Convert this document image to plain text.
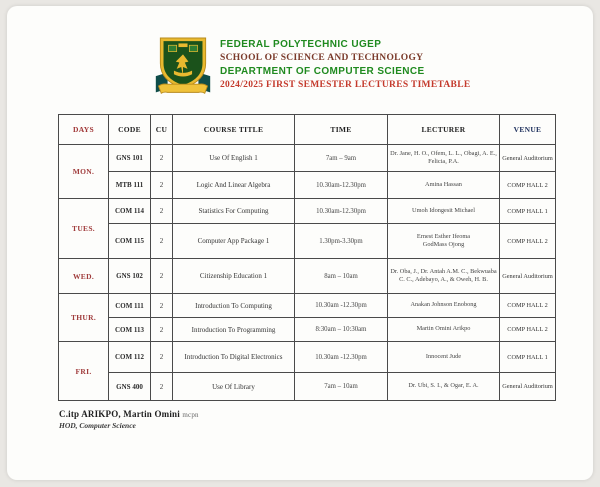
FEDERAL POLYTECHNIC UGEP
SCHOOL OF SCIENCE AND TECHNOLOGY
DEPARTMENT OF COMPUTER SCIENCE
2024/2025 FIRST SEMESTER LECTURES TIMETABLE
DAYS	CODE	CU	COURSE TITLE	TIME	LECTURER	VENUE
MON.	GNS 101	2	Use Of English 1	7am – 9am	Dr. Jane, H. O., Ofem, L. L., Obagi, A. E., Felicia, P.A.	General Auditorium
	MTB 111	2	Logic And Linear Algebra	10.30am-12.30pm	Amina Hassan	COMP HALL 2
TUES.	COM 114	2	Statistics For Computing	10.30am-12.30pm	Umoh Idongesit Michael	COMP HALL 1
	COM 115	2	Computer App Package 1	1.30pm-3.30pm	Ernest Esther Ifeoma
GodMass Ojong	COMP HALL 2
WED.	GNS 102	2	Citizenship Education 1	8am – 10am	Dr. Oba, J., Dr. Antah A.M. C., Bekwuaba C. C., Adebayo, A., & Oweh, H. B.	General Auditorium
THUR.	COM 111	2	Introduction To Computing	10.30am -12.30pm	Anakan Johnson Enobong	COMP HALL 2
	COM 113	2	Introduction To Programming	8:30am – 10:30am	Martin Omini Arikpo	COMP HALL 2
FRI.	COM 112	2	Introduction To Digital Electronics	10.30am -12.30pm	Innocent Jude	COMP HALL 1
	GNS 400	2	Use Of Library	7am – 10am	Dr. Ubi, S. I., & Ogar, E. A.	General Auditorium
C.itp ARIKPO, Martin Omini mcpn
HOD, Computer Science
